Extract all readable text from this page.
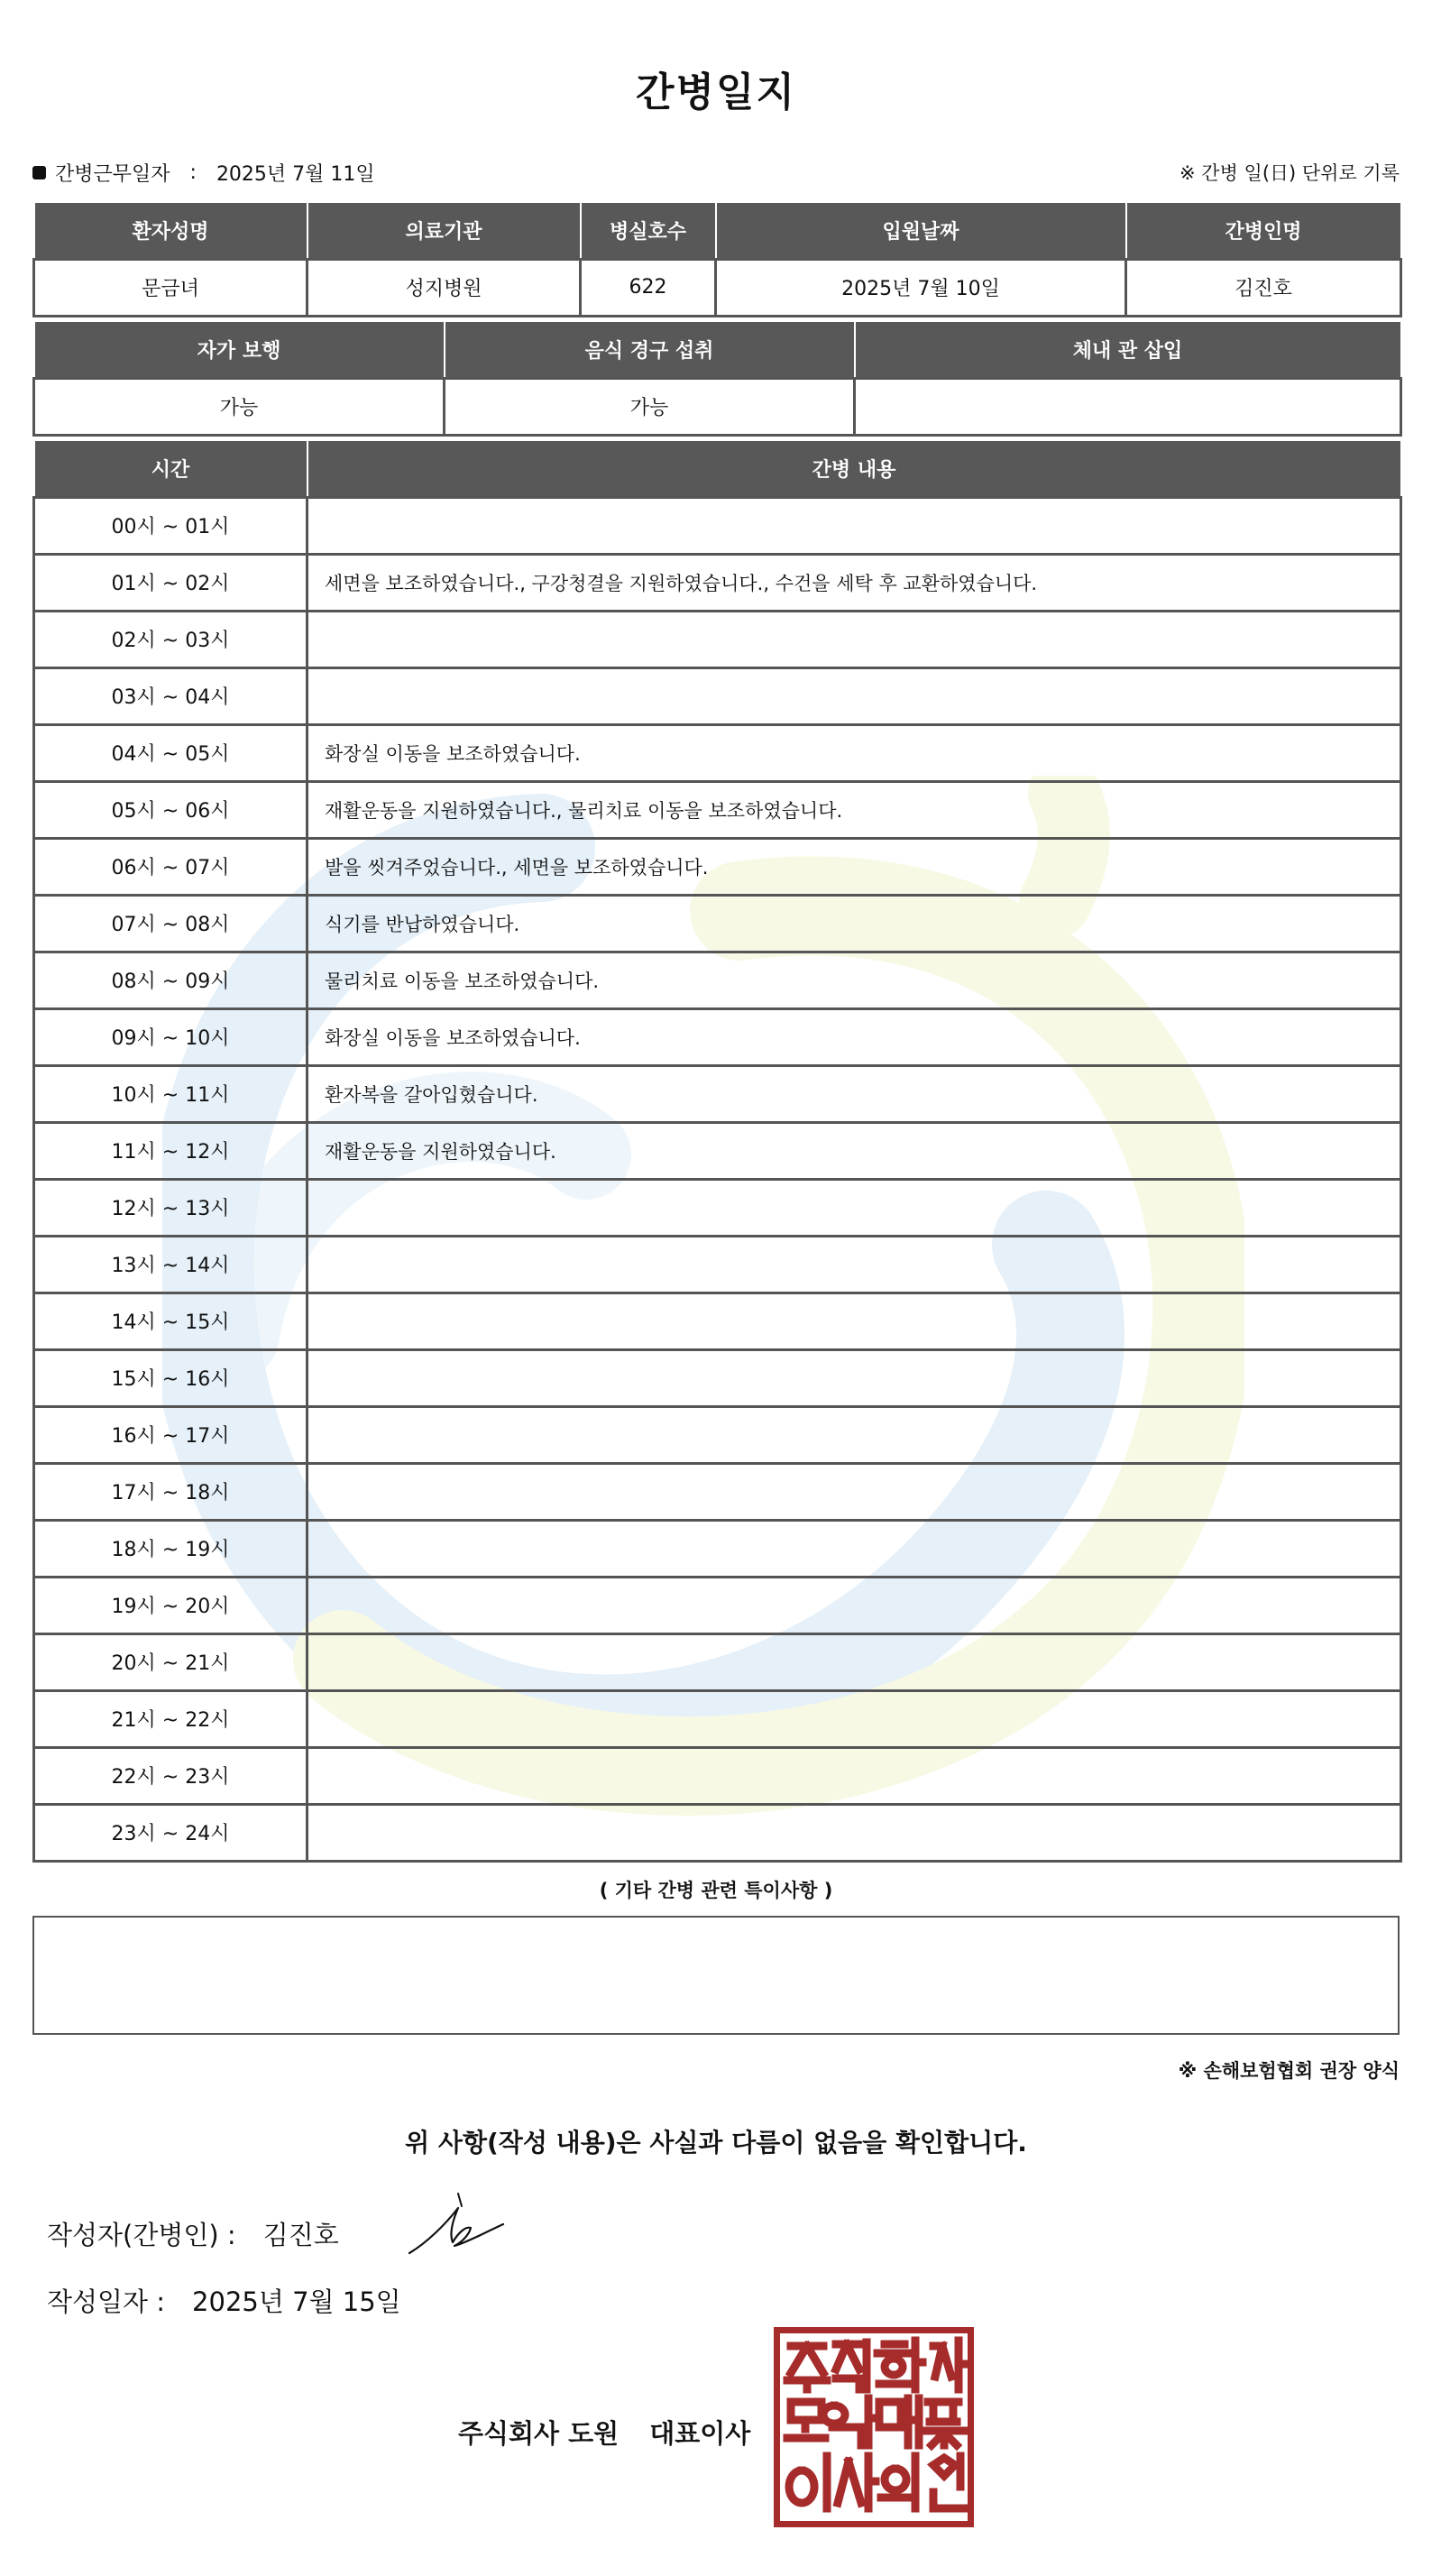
간병일지
간병근무일자 : 2025년 7월 11일	※ 간병 일(日) 단위로 기록
환자성명	의료기관	병실호수	입원날짜	간병인명
문금녀	성지병원	622	2025년 7월 10일	김진호
자가 보행	음식 경구 섭취	체내 관 삽입
가능	가능	
시간	간병 내용
00시 ~ 01시	
01시 ~ 02시	세면을 보조하였습니다., 구강청결을 지원하였습니다., 수건을 세탁 후 교환하였습니다.
02시 ~ 03시	
03시 ~ 04시	
04시 ~ 05시	화장실 이동을 보조하였습니다.
05시 ~ 06시	재활운동을 지원하였습니다., 물리치료 이동을 보조하였습니다.
06시 ~ 07시	발을 씻겨주었습니다., 세면을 보조하였습니다.
07시 ~ 08시	식기를 반납하였습니다.
08시 ~ 09시	물리치료 이동을 보조하였습니다.
09시 ~ 10시	화장실 이동을 보조하였습니다.
10시 ~ 11시	환자복을 갈아입혔습니다.
11시 ~ 12시	재활운동을 지원하였습니다.
12시 ~ 13시	
13시 ~ 14시	
14시 ~ 15시	
15시 ~ 16시	
16시 ~ 17시	
17시 ~ 18시	
18시 ~ 19시	
19시 ~ 20시	
20시 ~ 21시	
21시 ~ 22시	
22시 ~ 23시	
23시 ~ 24시	
( 기타 간병 관련 특이사항 )
※ 손해보험협회 권장 양식
위 사항(작성 내용)은 사실과 다름이 없음을 확인합니다.
작성자(간병인) : 김진호
작성일자 : 2025년 7월 15일
주식회사 도원 대표이사
